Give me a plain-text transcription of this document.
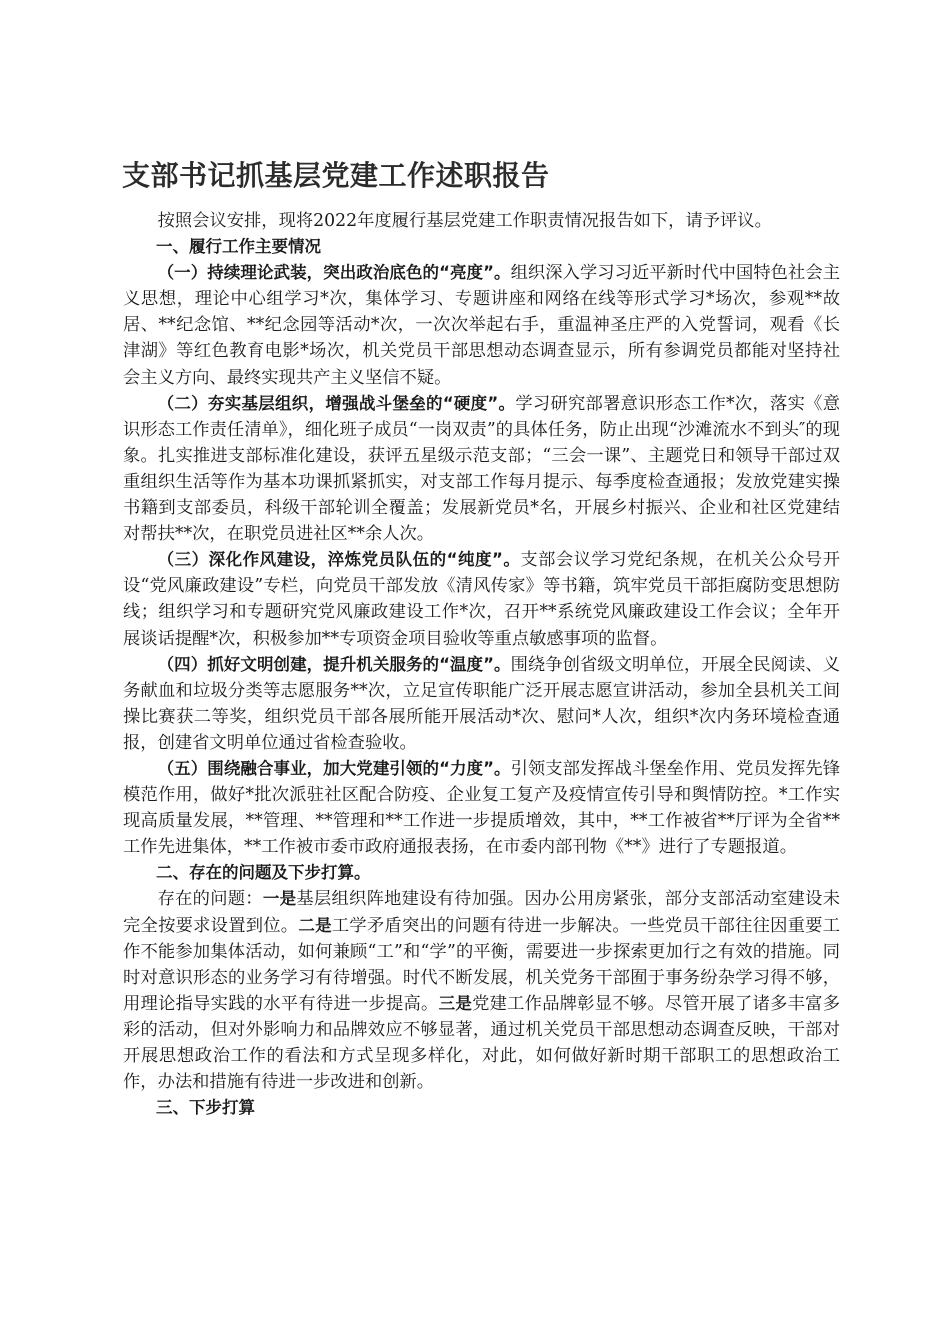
支部书记抓基层党建工作述职报告

按照会议安排，现将2022年度履行基层党建工作职责情况报告如下，请予评议。

一、履行工作主要情况

（一）持续理论武装，突出政治底色的“亮度”。组织深入学习习近平新时代中国特色社会主义思想，理论中心组学习*次，集体学习、专题讲座和网络在线等形式学习*场次，参观**故居、**纪念馆、**纪念园等活动*次，一次次举起右手，重温神圣庄严的入党誓词，观看《长津湖》等红色教育电影*场次，机关党员干部思想动态调查显示，所有参调党员都能对坚持社会主义方向、最终实现共产主义坚信不疑。

（二）夯实基层组织，增强战斗堡垒的“硬度”。学习研究部署意识形态工作*次，落实《意识形态工作责任清单》，细化班子成员“一岗双责”的具体任务，防止出现“沙滩流水不到头″的现象。扎实推进支部标准化建设，获评五星级示范支部；“三会一课”、主题党日和领导干部过双重组织生活等作为基本功课抓紧抓实，对支部工作每月提示、每季度检查通报；发放党建实操书籍到支部委员，科级干部轮训全覆盖；发展新党员*名，开展乡村振兴、企业和社区党建结对帮扶**次，在职党员进社区**余人次。

（三）深化作风建设，淬炼党员队伍的“纯度”。支部会议学习党纪条规，在机关公众号开设“党风廉政建设”专栏，向党员干部发放《清风传家》等书籍，筑牢党员干部拒腐防变思想防线；组织学习和专题研究党风廉政建设工作*次，召开**系统党风廉政建设工作会议；全年开展谈话提醒*次，积极参加**专项资金项目验收等重点敏感事项的监督。

（四）抓好文明创建，提升机关服务的“温度”。围绕争创省级文明单位，开展全民阅读、义务献血和垃圾分类等志愿服务**次，立足宣传职能广泛开展志愿宣讲活动，参加全县机关工间操比赛获二等奖，组织党员干部各展所能开展活动*次、慰问*人次，组织*次内务环境检查通报，创建省文明单位通过省检查验收。

（五）围绕融合事业，加大党建引领的“力度”。引领支部发挥战斗堡垒作用、党员发挥先锋模范作用，做好*批次派驻社区配合防疫、企业复工复产及疫情宣传引导和舆情防控。*工作实现高质量发展，**管理、**管理和**工作进一步提质增效，其中，**工作被省**厅评为全省**工作先进集体，**工作被市委市政府通报表扬，在市委内部刊物《**》进行了专题报道。

二、存在的问题及下步打算。

存在的问题：一是基层组织阵地建设有待加强。因办公用房紧张，部分支部活动室建设未完全按要求设置到位。二是工学矛盾突出的问题有待进一步解决。一些党员干部往往因重要工作不能参加集体活动，如何兼顾“工”和“学”的平衡，需要进一步探索更加行之有效的措施。同时对意识形态的业务学习有待增强。时代不断发展，机关党务干部囿于事务纷杂学习得不够，用理论指导实践的水平有待进一步提高。三是党建工作品牌彰显不够。尽管开展了诸多丰富多彩的活动，但对外影响力和品牌效应不够显著，通过机关党员干部思想动态调查反映，干部对开展思想政治工作的看法和方式呈现多样化，对此，如何做好新时期干部职工的思想政治工作，办法和措施有待进一步改进和创新。

三、下步打算
